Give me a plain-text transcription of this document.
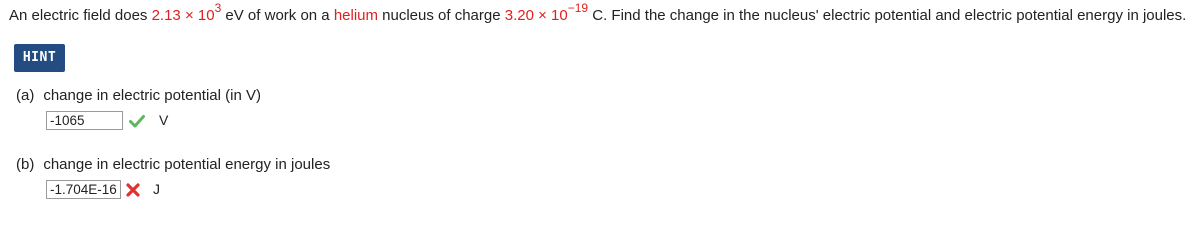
An electric field does $2.13 \times 10^3$ eV of work on a helium nucleus of charge $3.20 \times 10^{-19}$ C. Find the change in the nucleus' electric potential and electric potential energy in joules.
HINT
(a) change in electric potential (in V)
-1065	V
(b) change in electric potential energy in joules
-1.704E-16	J
